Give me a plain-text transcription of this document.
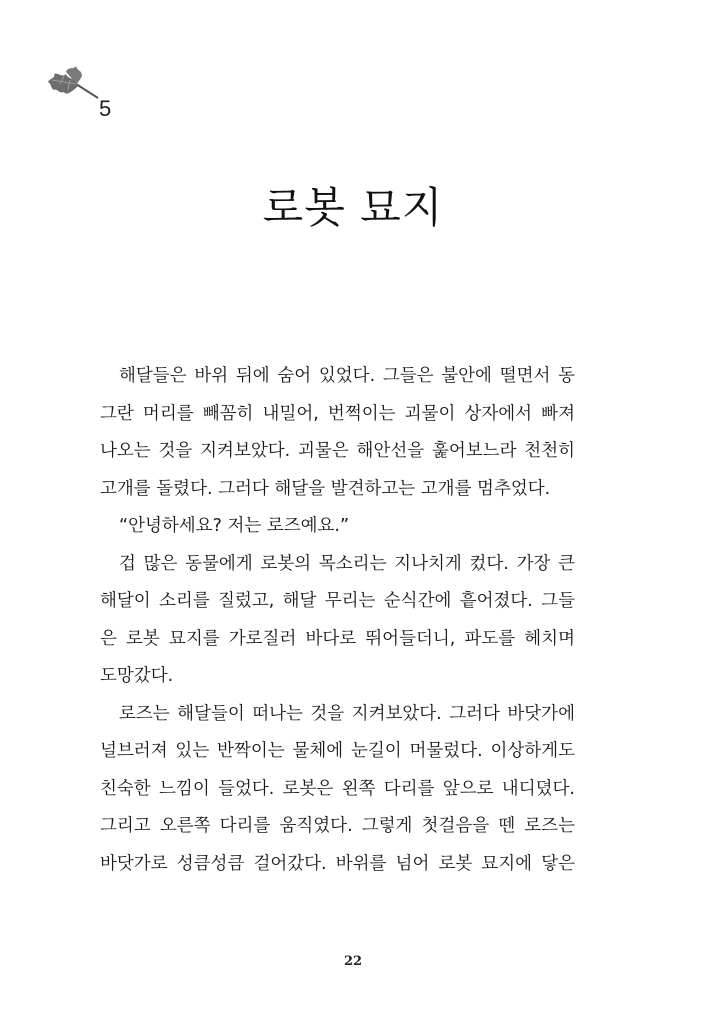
5
로봇 묘지
해달들은 바위 뒤에 숨어 있었다. 그들은 불안에 떨면서 동
그란 머리를 빼꼼히 내밀어, 번쩍이는 괴물이 상자에서 빠져
나오는 것을 지켜보았다. 괴물은 해안선을 훑어보느라 천천히
고개를 돌렸다. 그러다 해달을 발견하고는 고개를 멈추었다.
“안녕하세요? 저는 로즈예요.”
겁 많은 동물에게 로봇의 목소리는 지나치게 컸다. 가장 큰
해달이 소리를 질렀고, 해달 무리는 순식간에 흩어졌다. 그들
은 로봇 묘지를 가로질러 바다로 뛰어들더니, 파도를 헤치며
도망갔다.
로즈는 해달들이 떠나는 것을 지켜보았다. 그러다 바닷가에
널브러져 있는 반짝이는 물체에 눈길이 머물렀다. 이상하게도
친숙한 느낌이 들었다. 로봇은 왼쪽 다리를 앞으로 내디뎠다.
그리고 오른쪽 다리를 움직였다. 그렇게 첫걸음을 뗀 로즈는
바닷가로 성큼성큼 걸어갔다. 바위를 넘어 로봇 묘지에 닿은
22
